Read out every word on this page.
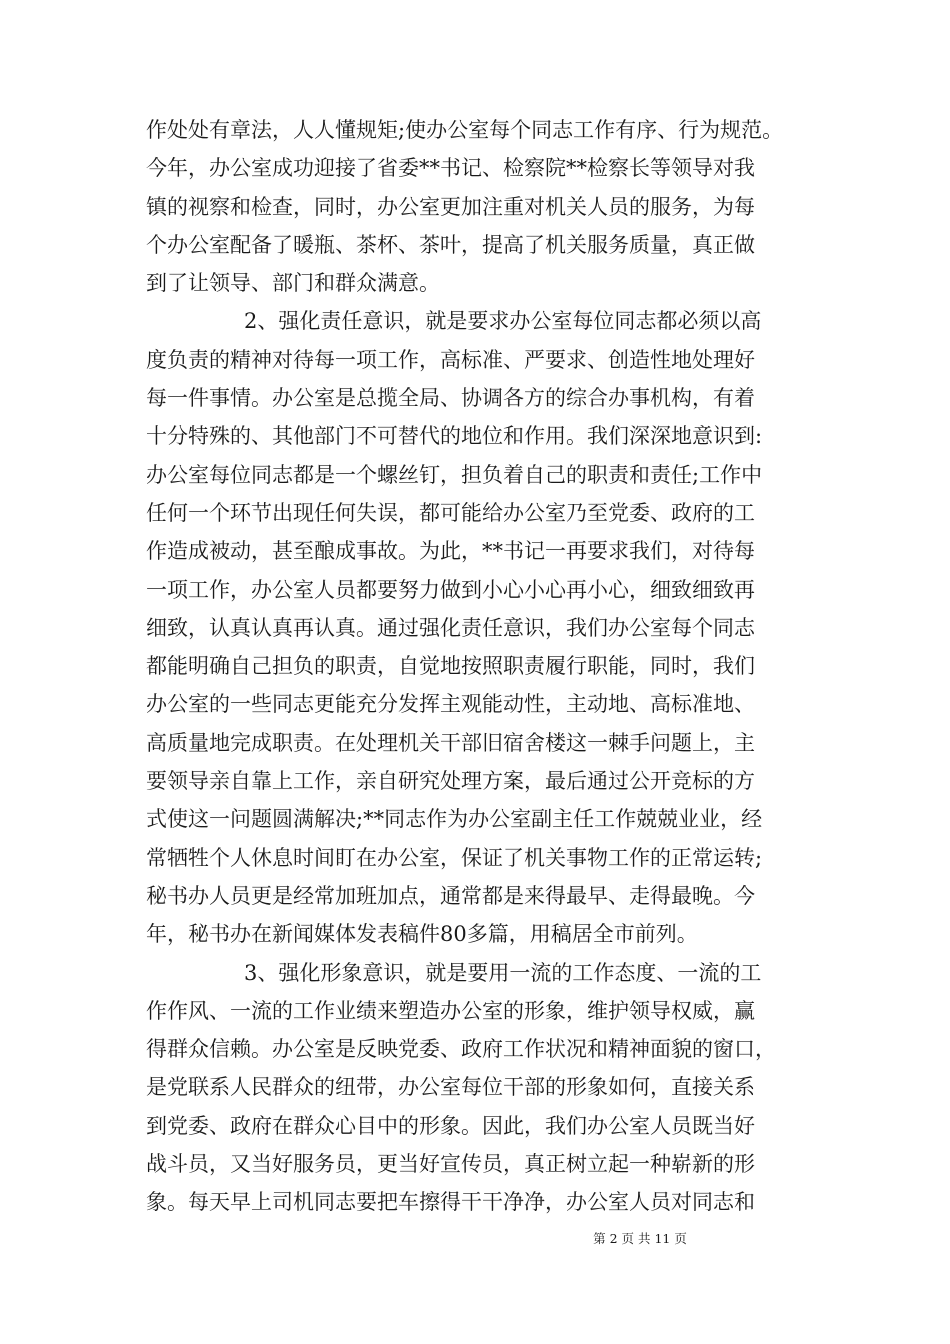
作处处有章法，人人懂规矩;使办公室每个同志工作有序、行为规范。
今年，办公室成功迎接了省委**书记、检察院**检察长等领导对我
镇的视察和检查，同时，办公室更加注重对机关人员的服务，为每
个办公室配备了暖瓶、茶杯、茶叶，提高了机关服务质量，真正做
到了让领导、部门和群众满意。
2、强化责任意识，就是要求办公室每位同志都必须以高
度负责的精神对待每一项工作，高标准、严要求、创造性地处理好
每一件事情。办公室是总揽全局、协调各方的综合办事机构，有着
十分特殊的、其他部门不可替代的地位和作用。我们深深地意识到:
办公室每位同志都是一个螺丝钉，担负着自己的职责和责任;工作中
任何一个环节出现任何失误，都可能给办公室乃至党委、政府的工
作造成被动，甚至酿成事故。为此，**书记一再要求我们，对待每
一项工作，办公室人员都要努力做到小心小心再小心，细致细致再
细致，认真认真再认真。通过强化责任意识，我们办公室每个同志
都能明确自己担负的职责，自觉地按照职责履行职能，同时，我们
办公室的一些同志更能充分发挥主观能动性，主动地、高标准地、
高质量地完成职责。在处理机关干部旧宿舍楼这一棘手问题上，主
要领导亲自靠上工作，亲自研究处理方案，最后通过公开竞标的方
式使这一问题圆满解决;**同志作为办公室副主任工作兢兢业业，经
常牺牲个人休息时间盯在办公室，保证了机关事物工作的正常运转;
秘书办人员更是经常加班加点，通常都是来得最早、走得最晚。今
年，秘书办在新闻媒体发表稿件80多篇，用稿居全市前列。
3、强化形象意识，就是要用一流的工作态度、一流的工
作作风、一流的工作业绩来塑造办公室的形象，维护领导权威，赢
得群众信赖。办公室是反映党委、政府工作状况和精神面貌的窗口，
是党联系人民群众的纽带，办公室每位干部的形象如何，直接关系
到党委、政府在群众心目中的形象。因此，我们办公室人员既当好
战斗员，又当好服务员，更当好宣传员，真正树立起一种崭新的形
象。每天早上司机同志要把车擦得干干净净，办公室人员对同志和
第 2 页 共 11 页
